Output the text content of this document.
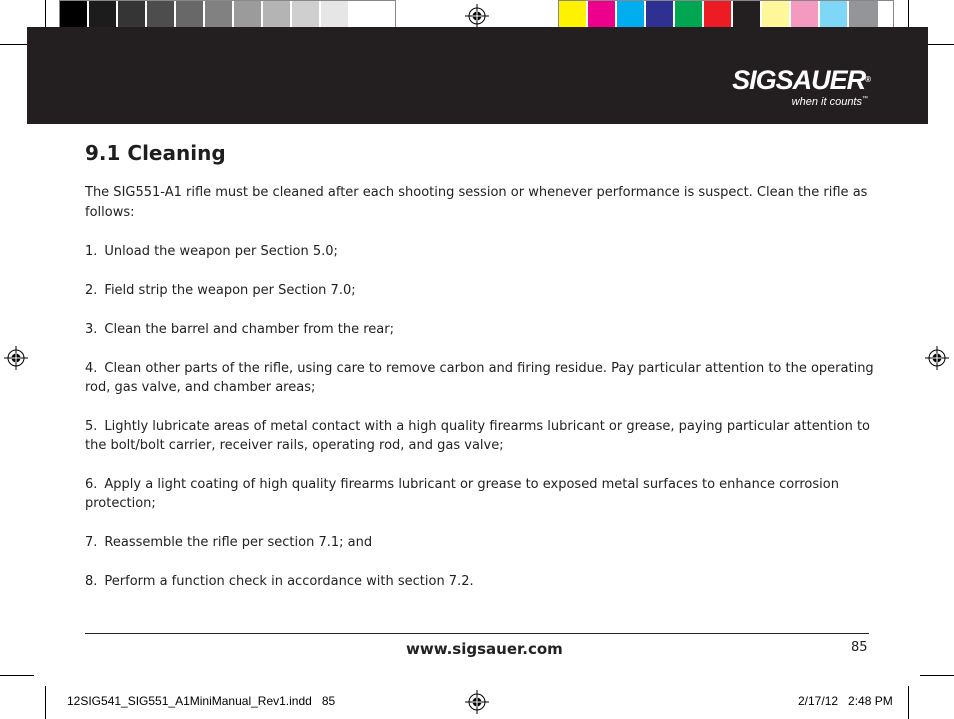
SIGSAUER®
when it counts™
9.1 Cleaning

The SIG551-A1 rifle must be cleaned after each shooting session or whenever performance is suspect. Clean the rifle as follows:

1. Unload the weapon per Section 5.0;
2. Field strip the weapon per Section 7.0;
3. Clean the barrel and chamber from the rear;
4. Clean other parts of the rifle, using care to remove carbon and firing residue. Pay particular attention to the operating rod, gas valve, and chamber areas;
5. Lightly lubricate areas of metal contact with a high quality firearms lubricant or grease, paying particular attention to the bolt/bolt carrier, receiver rails, operating rod, and gas valve;
6. Apply a light coating of high quality firearms lubricant or grease to exposed metal surfaces to enhance corrosion protection;
7. Reassemble the rifle per section 7.1; and
8. Perform a function check in accordance with section 7.2.
www.sigsauer.com	85
12SIG541_SIG551_A1MiniManual_Rev1.indd   85	2/17/12   2:48 PM
